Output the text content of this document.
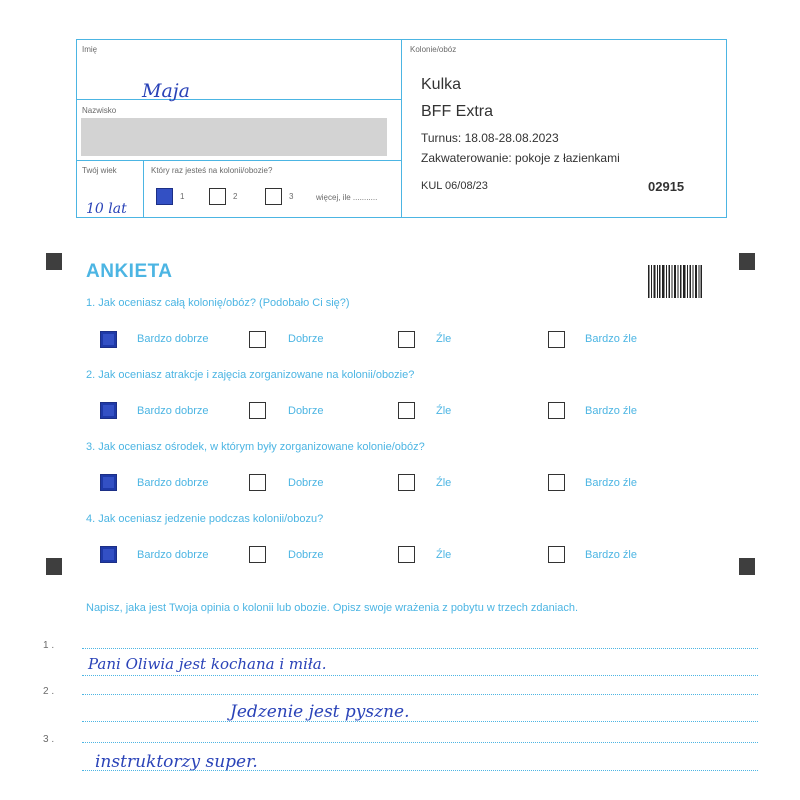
Imię
Maja
Nazwisko
Twój wiek
10 lat
Który raz jesteś na kolonii/obozie?
1	2	3	więcej, ile ...........
Kolonie/obóz
Kulka
BFF Extra
Turnus: 18.08-28.08.2023
Zakwaterowanie: pokoje z łazienkami
KUL 06/08/23	02915
ANKIETA
1. Jak oceniasz całą kolonię/obóz? (Podobało Ci się?)
Bardzo dobrze	Dobrze	Źle	Bardzo źle
2. Jak oceniasz atrakcje i zajęcia zorganizowane na kolonii/obozie?
Bardzo dobrze	Dobrze	Źle	Bardzo źle
3. Jak oceniasz ośrodek, w którym były zorganizowane kolonie/obóz?
Bardzo dobrze	Dobrze	Źle	Bardzo źle
4. Jak oceniasz jedzenie podczas kolonii/obozu?
Bardzo dobrze	Dobrze	Źle	Bardzo źle
Napisz, jaka jest Twoja opinia o kolonii lub obozie. Opisz swoje wrażenia z pobytu w trzech zdaniach.
1 .
Pani Oliwia jest kochana i miła.
2 .
Jedzenie jest pyszne.
3 .
instruktorzy super.
